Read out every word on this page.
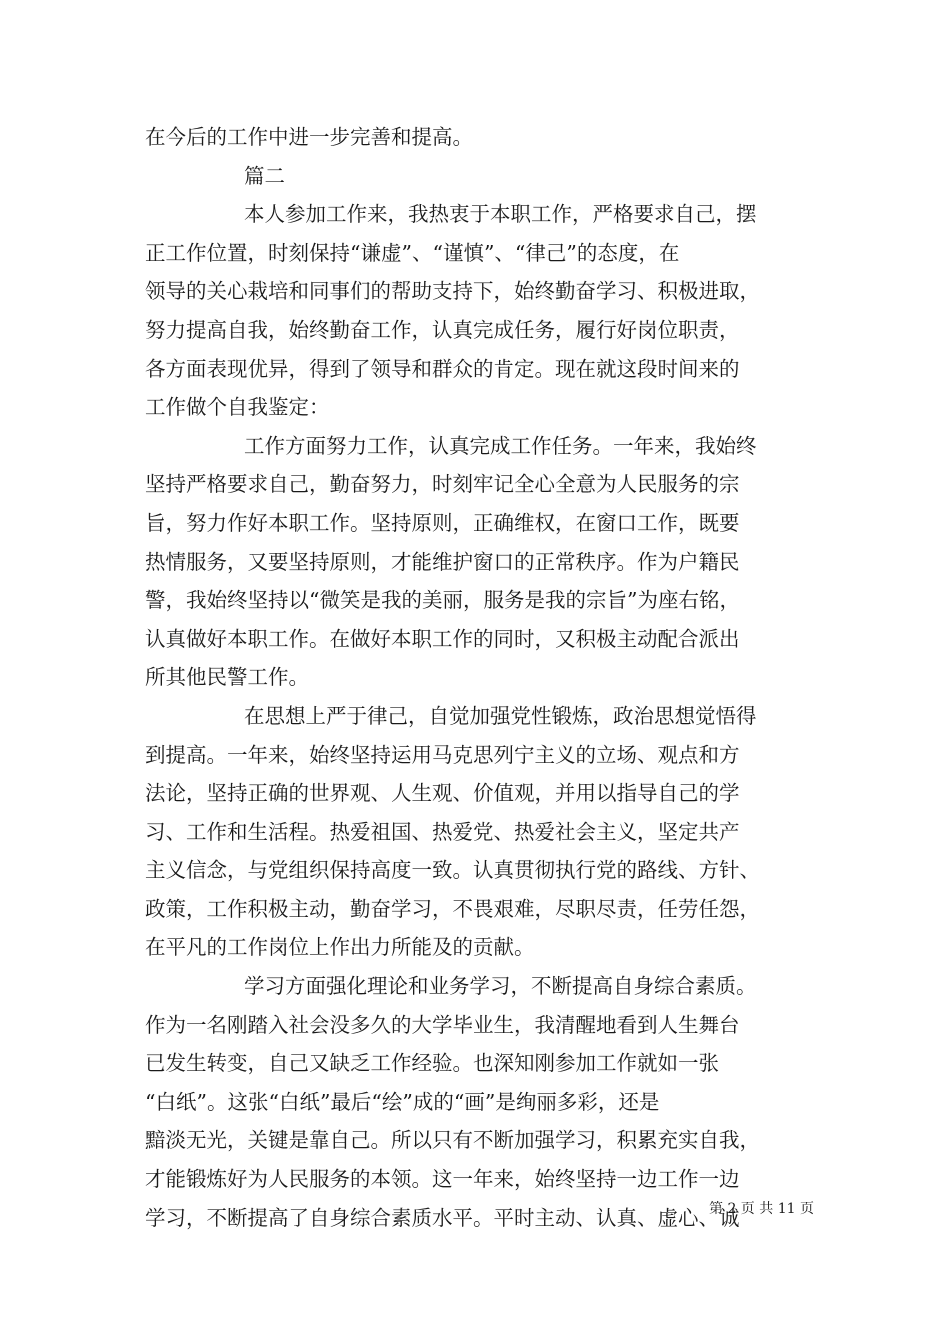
在今后的工作中进一步完善和提高。
篇二
本人参加工作来，我热衷于本职工作，严格要求自己，摆
正工作位置，时刻保持“谦虚”、“谨慎”、“律己”的态度，在
领导的关心栽培和同事们的帮助支持下，始终勤奋学习、积极进取，
努力提高自我，始终勤奋工作，认真完成任务，履行好岗位职责，
各方面表现优异，得到了领导和群众的肯定。现在就这段时间来的
工作做个自我鉴定：
工作方面努力工作，认真完成工作任务。一年来，我始终
坚持严格要求自己，勤奋努力，时刻牢记全心全意为人民服务的宗
旨，努力作好本职工作。坚持原则，正确维权，在窗口工作，既要
热情服务，又要坚持原则，才能维护窗口的正常秩序。作为户籍民
警，我始终坚持以“微笑是我的美丽，服务是我的宗旨”为座右铭，
认真做好本职工作。在做好本职工作的同时，又积极主动配合派出
所其他民警工作。
在思想上严于律己，自觉加强党性锻炼，政治思想觉悟得
到提高。一年来，始终坚持运用马克思列宁主义的立场、观点和方
法论，坚持正确的世界观、人生观、价值观，并用以指导自己的学
习、工作和生活程。热爱祖国、热爱党、热爱社会主义，坚定共产
主义信念，与党组织保持高度一致。认真贯彻执行党的路线、方针、
政策，工作积极主动，勤奋学习，不畏艰难，尽职尽责，任劳任怨，
在平凡的工作岗位上作出力所能及的贡献。
学习方面强化理论和业务学习，不断提高自身综合素质。
作为一名刚踏入社会没多久的大学毕业生，我清醒地看到人生舞台
已发生转变，自己又缺乏工作经验。也深知刚参加工作就如一张
“白纸”。这张“白纸”最后“绘”成的“画”是绚丽多彩，还是
黯淡无光，关键是靠自己。所以只有不断加强学习，积累充实自我，
才能锻炼好为人民服务的本领。这一年来，始终坚持一边工作一边
学习，不断提高了自身综合素质水平。平时主动、认真、虚心、诚
第 2 页 共 11 页
